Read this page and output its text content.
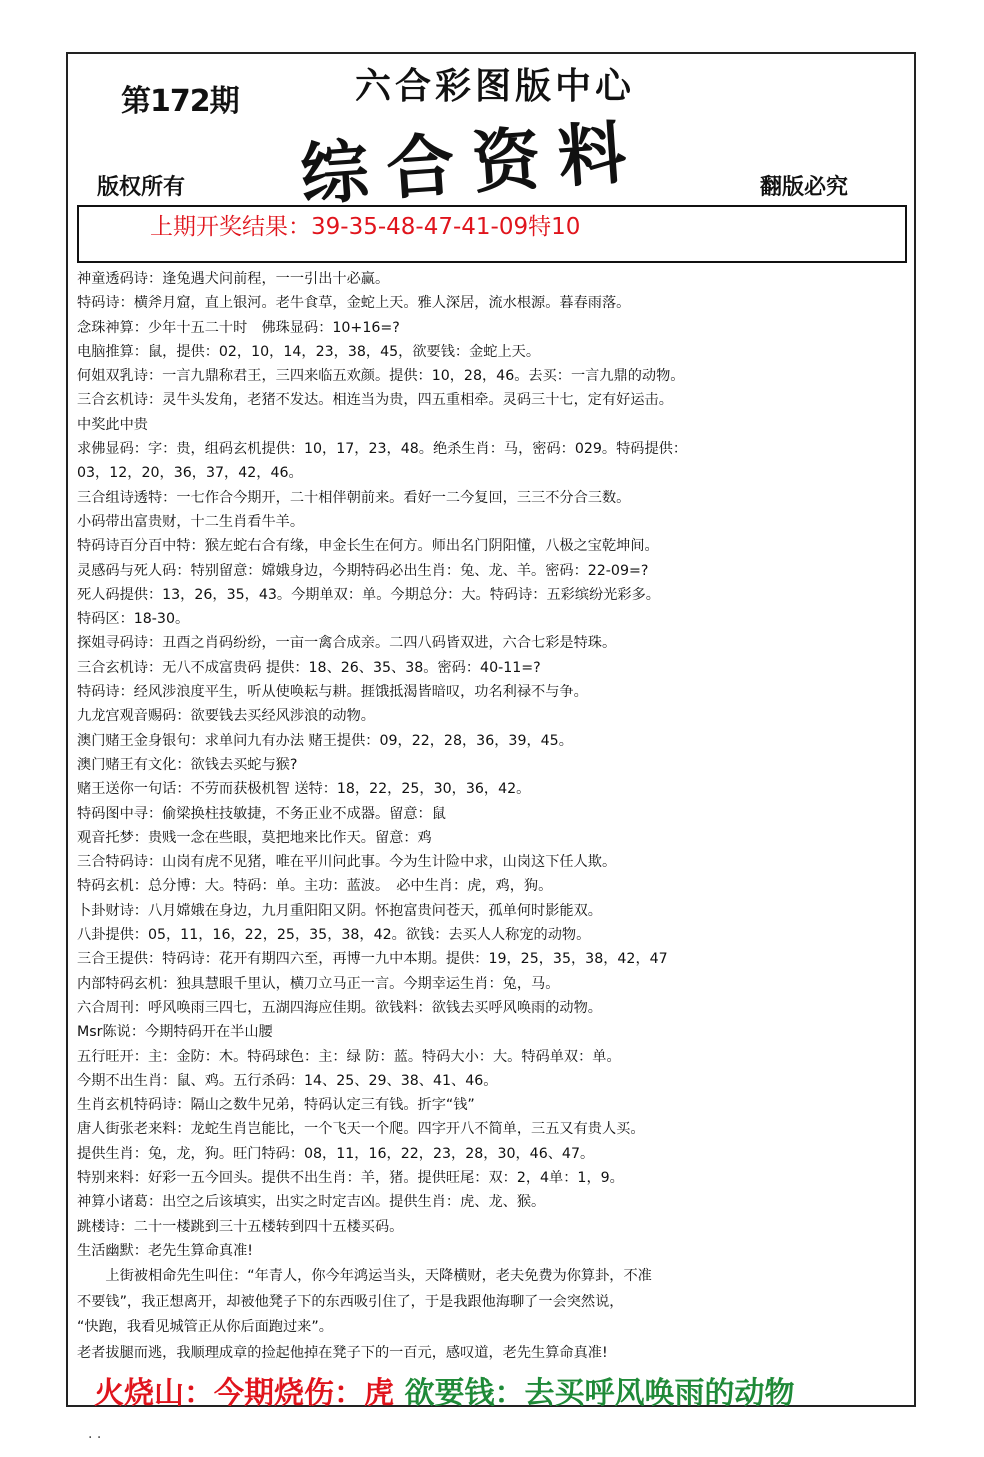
第172期	六合彩图版中心
综合资料
版权所有	翻版必究
上期开奖结果：39-35-48-47-41-09特10
神童透码诗：逢兔遇犬问前程，一一引出十必赢。
特码诗：横斧月窟，直上银河。老牛食草，金蛇上天。雅人深居，流水根源。暮春雨落。
念珠神算：少年十五二十时　佛珠显码：10+16=?
电脑推算：鼠，提供：02，10，14，23，38，45，欲要钱：金蛇上天。
何姐双乳诗：一言九鼎称君王，三四来临五欢颜。提供：10，28，46。去买：一言九鼎的动物。
三合玄机诗：灵牛头发角，老猪不发达。相连当为贵，四五重相牵。灵码三十七，定有好运击。
中奖此中贵
求佛显码：字：贵，组码玄机提供：10，17，23，48。绝杀生肖：马，密码：029。特码提供：
03，12，20，36，37，42，46。
三合组诗透特：一七作合今期开，二十相伴朝前来。看好一二今复回，三三不分合三数。
小码带出富贵财，十二生肖看牛羊。
特码诗百分百中特：猴左蛇右合有缘，申金长生在何方。师出名门阴阳懂，八极之宝乾坤间。
灵感码与死人码：特别留意：嫦娥身边，今期特码必出生肖：兔、龙、羊。密码：22-09=?
死人码提供：13，26，35，43。今期单双：单。今期总分：大。特码诗：五彩缤纷光彩多。
特码区：18-30。
探姐寻码诗：丑酉之肖码纷纷，一亩一禽合成亲。二四八码皆双进，六合七彩是特珠。
三合玄机诗：无八不成富贵码 提供：18、26、35、38。密码：40-11=?
特码诗：经风涉浪度平生，听从使唤耘与耕。捱饿抵渴皆暗叹，功名利禄不与争。
九龙宫观音赐码：欲要钱去买经风涉浪的动物。
澳门赌王金身银句：求单问九有办法 赌王提供：09，22，28，36，39，45。
澳门赌王有文化：欲钱去买蛇与猴?
赌王送你一句话：不劳而获极机智 送特：18，22，25，30，36，42。
特码图中寻：偷梁换柱技敏捷，不务正业不成器。留意：鼠
观音托梦：贵贱一念在些眼，莫把地来比作天。留意：鸡
三合特码诗：山岗有虎不见猪，唯在平川问此事。今为生计险中求，山岗这下任人欺。
特码玄机：总分博：大。特码：单。主功：蓝波。　必中生肖：虎，鸡，狗。
卜卦财诗：八月嫦娥在身边，九月重阳阳又阴。怀抱富贵问苍天，孤单何时影能双。
八卦提供：05，11，16，22，25，35，38，42。欲钱：去买人人称宠的动物。
三合王提供：特码诗：花开有期四六至，再博一九中本期。提供：19，25，35，38，42，47
内部特码玄机：独具慧眼千里认，横刀立马正一言。今期幸运生肖：兔，马。
六合周刊：呼风唤雨三四七，五湖四海应佳期。欲钱料：欲钱去买呼风唤雨的动物。
Msr陈说：今期特码开在半山腰
五行旺开：主：金防：木。特码球色：主：绿 防：蓝。特码大小：大。特码单双：单。
今期不出生肖：鼠、鸡。五行杀码：14、25、29、38、41、46。
生肖玄机特码诗：隔山之数牛兄弟，特码认定三有钱。折字“钱”
唐人街张老来料：龙蛇生肖岂能比，一个飞天一个爬。四字开八不简单，三五又有贵人买。
提供生肖：兔，龙，狗。旺门特码：08，11，16，22，23，28，30，46、47。
特别来料：好彩一五今回头。提供不出生肖：羊，猪。提供旺尾：双：2，4单：1，9。
神算小诸葛：出空之后该填实，出实之时定吉凶。提供生肖：虎、龙、猴。
跳楼诗：二十一楼跳到三十五楼转到四十五楼买码。
生活幽默：老先生算命真准!
　　上街被相命先生叫住：“年青人，你今年鸿运当头，天降横财，老夫免费为你算卦，不准
不要钱”，我正想离开，却被他凳子下的东西吸引住了，于是我跟他海聊了一会突然说，
“快跑，我看见城管正从你后面跑过来”。
老者拔腿而逃，我顺理成章的捡起他掉在凳子下的一百元，感叹道，老先生算命真准!
火烧山：今期烧伤：虎 欲要钱：去买呼风唤雨的动物
. .
